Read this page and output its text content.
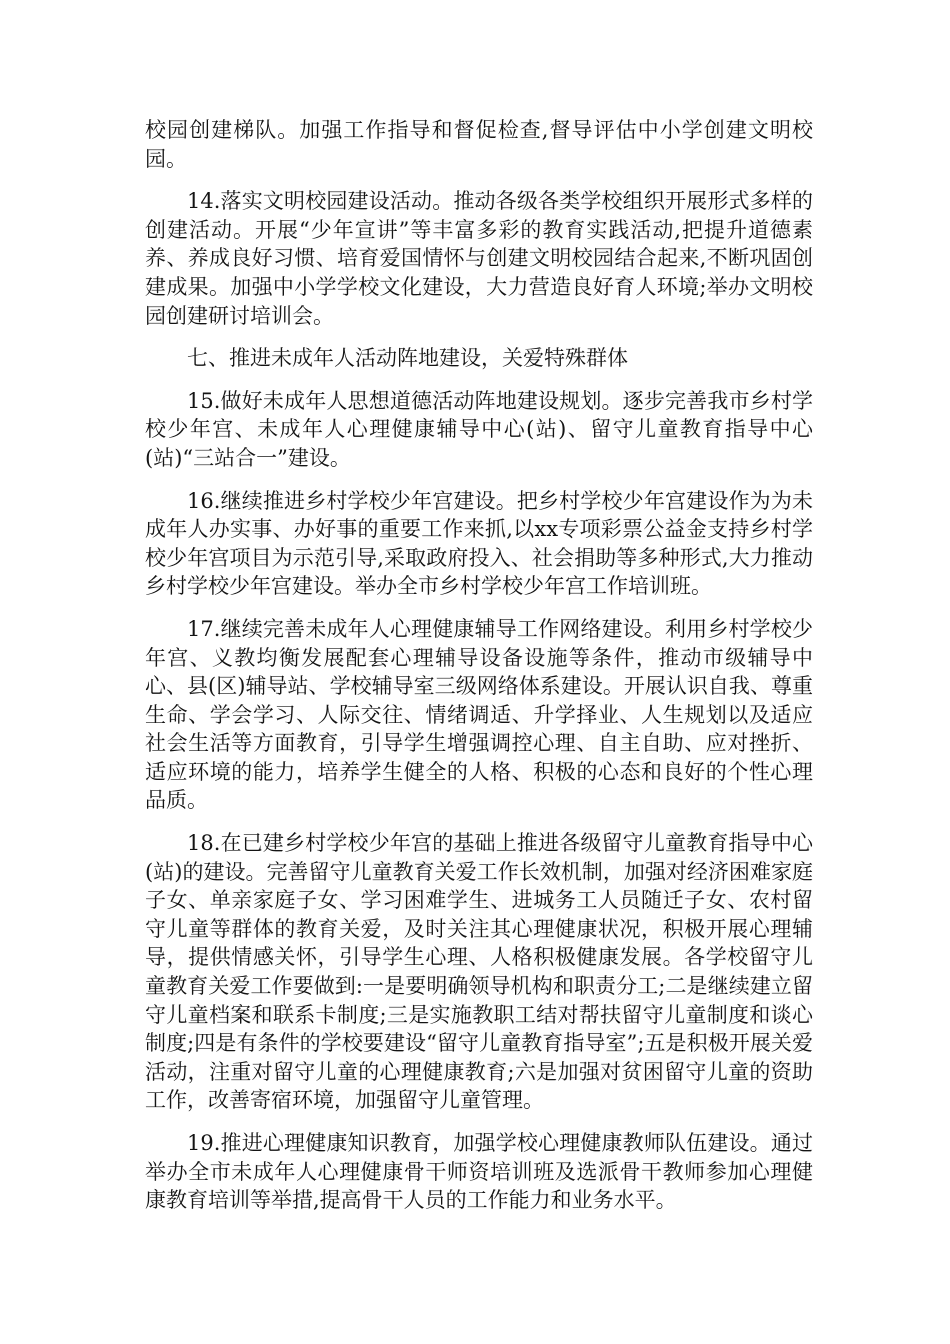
校园创建梯队。加强工作指导和督促检查,督导评估中小学创建文明校园。

14.落实文明校园建设活动。推动各级各类学校组织开展形式多样的创建活动。开展“少年宣讲”等丰富多彩的教育实践活动,把提升道德素养、养成良好习惯、培育爱国情怀与创建文明校园结合起来,不断巩固创建成果。加强中小学学校文化建设，大力营造良好育人环境;举办文明校园创建研讨培训会。

七、推进未成年人活动阵地建设，关爱特殊群体

15.做好未成年人思想道德活动阵地建设规划。逐步完善我市乡村学校少年宫、未成年人心理健康辅导中心(站)、留守儿童教育指导中心(站)“三站合一”建设。

16.继续推进乡村学校少年宫建设。把乡村学校少年宫建设作为为未成年人办实事、办好事的重要工作来抓,以xx专项彩票公益金支持乡村学校少年宫项目为示范引导,采取政府投入、社会捐助等多种形式,大力推动乡村学校少年宫建设。举办全市乡村学校少年宫工作培训班。

17.继续完善未成年人心理健康辅导工作网络建设。利用乡村学校少年宫、义教均衡发展配套心理辅导设备设施等条件，推动市级辅导中心、县(区)辅导站、学校辅导室三级网络体系建设。开展认识自我、尊重生命、学会学习、人际交往、情绪调适、升学择业、人生规划以及适应社会生活等方面教育，引导学生增强调控心理、自主自助、应对挫折、适应环境的能力，培养学生健全的人格、积极的心态和良好的个性心理品质。

18.在已建乡村学校少年宫的基础上推进各级留守儿童教育指导中心(站)的建设。完善留守儿童教育关爱工作长效机制，加强对经济困难家庭子女、单亲家庭子女、学习困难学生、进城务工人员随迁子女、农村留守儿童等群体的教育关爱，及时关注其心理健康状况，积极开展心理辅导，提供情感关怀，引导学生心理、人格积极健康发展。各学校留守儿童教育关爱工作要做到:一是要明确领导机构和职责分工;二是继续建立留守儿童档案和联系卡制度;三是实施教职工结对帮扶留守儿童制度和谈心制度;四是有条件的学校要建设“留守儿童教育指导室”;五是积极开展关爱活动，注重对留守儿童的心理健康教育;六是加强对贫困留守儿童的资助工作，改善寄宿环境，加强留守儿童管理。

19.推进心理健康知识教育，加强学校心理健康教师队伍建设。通过举办全市未成年人心理健康骨干师资培训班及选派骨干教师参加心理健康教育培训等举措,提高骨干人员的工作能力和业务水平。
